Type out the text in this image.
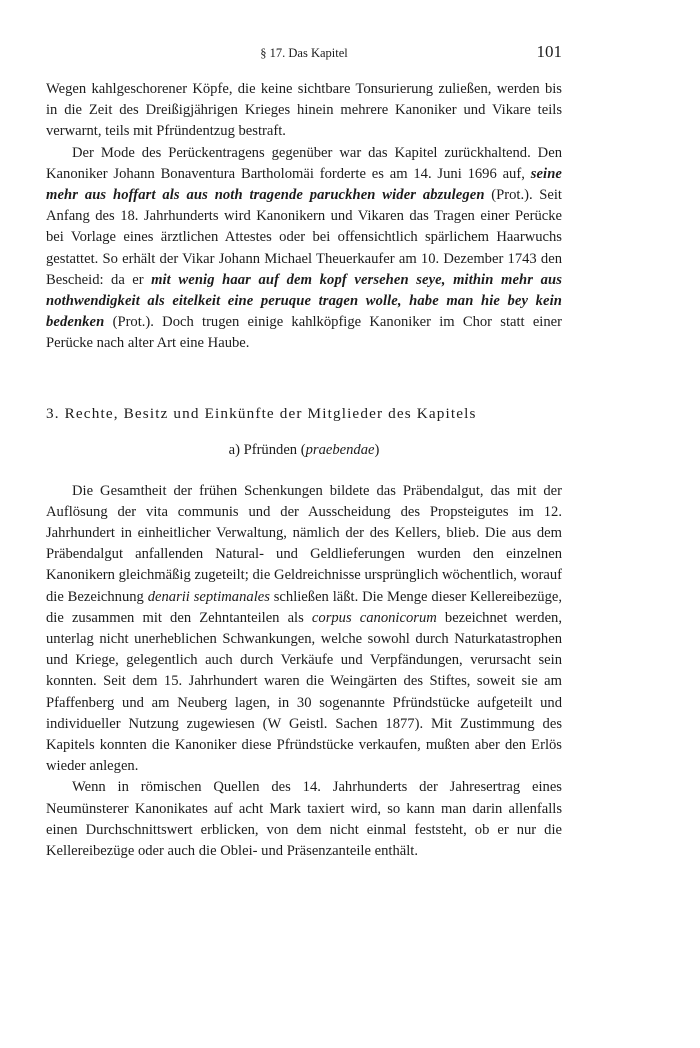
§ 17. Das Kapitel	101

Wegen kahlgeschorener Köpfe, die keine sichtbare Tonsurierung zuließen, werden bis in die Zeit des Dreißigjährigen Krieges hinein mehrere Kanoniker und Vikare teils verwarnt, teils mit Pfründentzug bestraft.

Der Mode des Perückentragens gegenüber war das Kapitel zurückhaltend. Den Kanoniker Johann Bonaventura Bartholomäi forderte es am 14. Juni 1696 auf, seine mehr aus hoffart als aus noth tragende paruckhen wider abzulegen (Prot.). Seit Anfang des 18. Jahrhunderts wird Kanonikern und Vikaren das Tragen einer Perücke bei Vorlage eines ärztlichen Attestes oder bei offensichtlich spärlichem Haarwuchs gestattet. So erhält der Vikar Johann Michael Theuerkaufer am 10. Dezember 1743 den Bescheid: da er mit wenig haar auf dem kopf versehen seye, mithin mehr aus nothwendigkeit als eitelkeit eine peruque tragen wolle, habe man hie bey kein bedenken (Prot.). Doch trugen einige kahlköpfige Kanoniker im Chor statt einer Perücke nach alter Art eine Haube.

3. Rechte, Besitz und Einkünfte der Mitglieder des Kapitels
a) Pfründen (praebendae)

Die Gesamtheit der frühen Schenkungen bildete das Präbendalgut, das mit der Auflösung der vita communis und der Ausscheidung des Propsteigutes im 12. Jahrhundert in einheitlicher Verwaltung, nämlich der des Kellers, blieb. Die aus dem Präbendalgut anfallenden Natural- und Geldlieferungen wurden den einzelnen Kanonikern gleichmäßig zugeteilt; die Geldreichnisse ursprünglich wöchentlich, worauf die Bezeichnung denarii septimanales schließen läßt. Die Menge dieser Kellereibezüge, die zusammen mit den Zehntanteilen als corpus canonicorum bezeichnet werden, unterlag nicht unerheblichen Schwankungen, welche sowohl durch Naturkatastrophen und Kriege, gelegentlich auch durch Verkäufe und Verpfändungen, verursacht sein konnten. Seit dem 15. Jahrhundert waren die Weingärten des Stiftes, soweit sie am Pfaffenberg und am Neuberg lagen, in 30 sogenannte Pfründstücke aufgeteilt und individueller Nutzung zugewiesen (W Geistl. Sachen 1877). Mit Zustimmung des Kapitels konnten die Kanoniker diese Pfründstücke verkaufen, mußten aber den Erlös wieder anlegen.

Wenn in römischen Quellen des 14. Jahrhunderts der Jahresertrag eines Neumünsterer Kanonikates auf acht Mark taxiert wird, so kann man darin allenfalls einen Durchschnittswert erblicken, von dem nicht einmal feststeht, ob er nur die Kellereibezüge oder auch die Oblei- und Präsenzanteile enthält.
